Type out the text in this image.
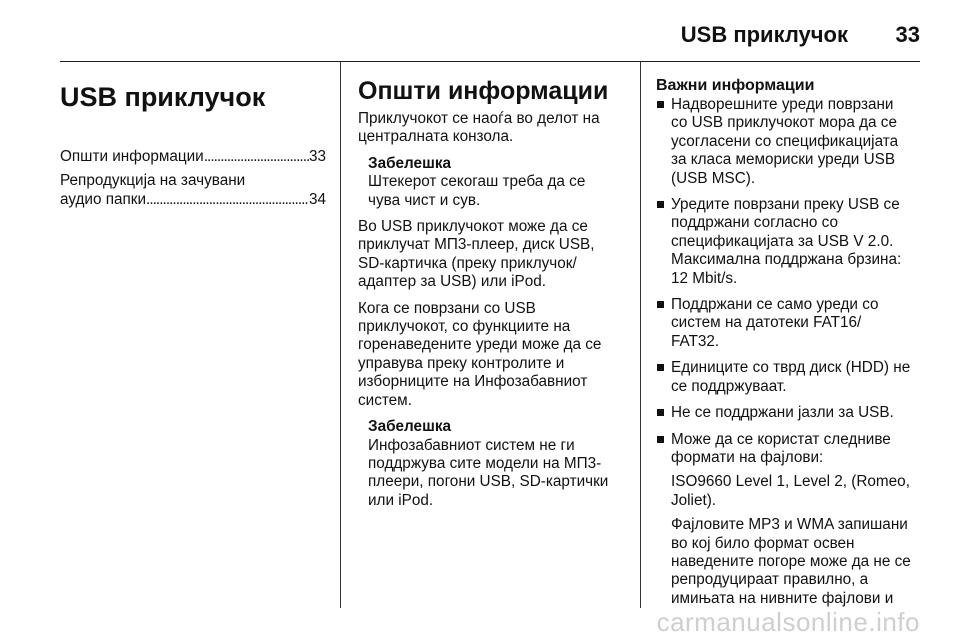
USB приклучок 33
USB приклучок
Општи информации . . .	33
Репродукција на зачувани
аудио папки . . .	34
Општи информации

Приклучокот се наоѓа во делот на
централната конзола.

Забелешка
Штекерот секогаш треба да се
чува чист и сув.

Во USB приклучокот може да се
приклучат МП3-плеер, диск USB,
SD-картичка (преку приклучок/
адаптер за USB) или iPod.

Кога се поврзани со USB
приклучокот, со функциите на
горенаведените уреди може да се
управува преку контролите и
изборниците на Инфозабавниот
систем.

Забелешка
Инфозабавниот систем не ги
поддржува сите модели на МП3-
плеери, погони USB, SD-картички
или iPod.
Важни информации

Надворешните уреди поврзани
со USB приклучокот мора да се
усогласени со спецификацијата
за класа мемориски уреди USB
(USB MSC).

Уредите поврзани преку USB се
поддржани согласно со
спецификацијата за USB V 2.0.
Максимална поддржана брзина:
12 Mbit/s.

Поддржани се само уреди со
систем на датотеки FAT16/
FAT32.

Единиците со тврд диск (HDD) не
се поддржуваат.

Не се поддржани јазли за USB.

Може да се користат следниве
формати на фајлови:

ISO9660 Level 1, Level 2, (Romeo,
Joliet).

Фајловите MP3 и WMA запишани
во кој било формат освен
наведените погоре може да не се
репродуцираат правилно, а
имињата на нивните фајлови и

carmanualsonline.info
